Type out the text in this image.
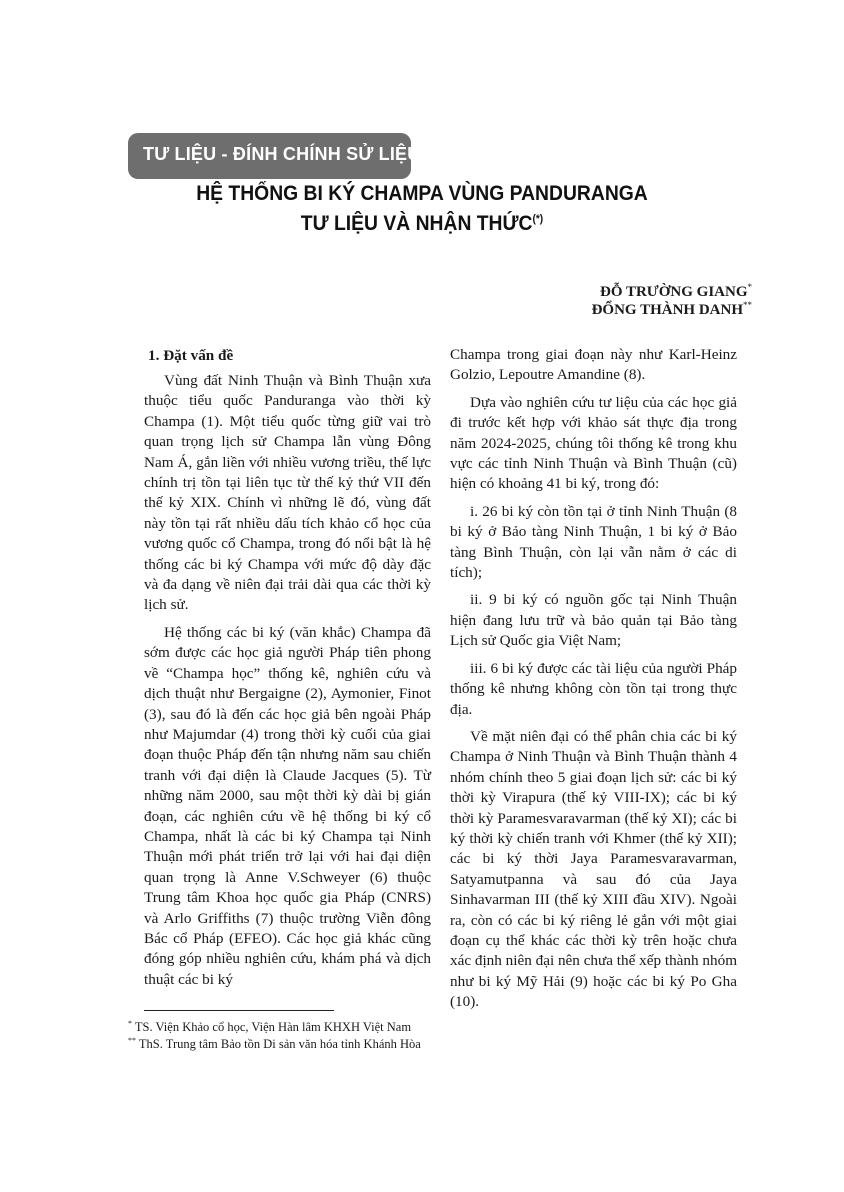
TƯ LIỆU - ĐÍNH CHÍNH SỬ LIỆU
HỆ THỐNG BI KÝ CHAMPA VÙNG PANDURANGA
TƯ LIỆU VÀ NHẬN THỨC(*)
ĐỖ TRƯỜNG GIANG*
ĐỔNG THÀNH DANH**
1. Đặt vấn đề

Vùng đất Ninh Thuận và Bình Thuận xưa thuộc tiểu quốc Panduranga vào thời kỳ Champa (1). Một tiểu quốc từng giữ vai trò quan trọng lịch sử Champa lẫn vùng Đông Nam Á, gắn liền với nhiều vương triều, thế lực chính trị tồn tại liên tục từ thế kỷ thứ VII đến thế kỷ XIX. Chính vì những lẽ đó, vùng đất này tồn tại rất nhiều dấu tích khảo cổ học của vương quốc cổ Champa, trong đó nổi bật là hệ thống các bi ký Champa với mức độ dày đặc và đa dạng về niên đại trải dài qua các thời kỳ lịch sử.

Hệ thống các bi ký (văn khắc) Champa đã sớm được các học giả người Pháp tiên phong về “Champa học” thống kê, nghiên cứu và dịch thuật như Bergaigne (2), Aymonier, Finot (3), sau đó là đến các học giả bên ngoài Pháp như Majumdar (4) trong thời kỳ cuối của giai đoạn thuộc Pháp đến tận nhưng năm sau chiến tranh với đại diện là Claude Jacques (5). Từ những năm 2000, sau một thời kỳ dài bị gián đoạn, các nghiên cứu về hệ thống bi ký cổ Champa, nhất là các bi ký Champa tại Ninh Thuận mới phát triển trở lại với hai đại diện quan trọng là Anne V.Schweyer (6) thuộc Trung tâm Khoa học quốc gia Pháp (CNRS) và Arlo Griffiths (7) thuộc trường Viễn đông Bác cổ Pháp (EFEO). Các học giả khác cũng đóng góp nhiều nghiên cứu, khám phá và dịch thuật các bi ký

Champa trong giai đoạn này như Karl-Heinz Golzio, Lepoutre Amandine (8).

Dựa vào nghiên cứu tư liệu của các học giả đi trước kết hợp với khảo sát thực địa trong năm 2024-2025, chúng tôi thống kê trong khu vực các tỉnh Ninh Thuận và Bình Thuận (cũ) hiện có khoảng 41 bi ký, trong đó:

i. 26 bi ký còn tồn tại ở tỉnh Ninh Thuận (8 bi ký ở Bảo tàng Ninh Thuận, 1 bi ký ở Bảo tàng Bình Thuận, còn lại vẫn nằm ở các di tích);

ii. 9 bi ký có nguồn gốc tại Ninh Thuận hiện đang lưu trữ và bảo quản tại Bảo tàng Lịch sử Quốc gia Việt Nam;

iii. 6 bi ký được các tài liệu của người Pháp thống kê nhưng không còn tồn tại trong thực địa.

Về mặt niên đại có thể phân chia các bi ký Champa ở Ninh Thuận và Bình Thuận thành 4 nhóm chính theo 5 giai đoạn lịch sử: các bi ký thời kỳ Virapura (thế kỷ VIII-IX); các bi ký thời kỳ Paramesvaravarman (thế kỷ XI); các bi ký thời kỳ chiến tranh với Khmer (thế kỷ XII); các bi ký thời Jaya Paramesvaravarman, Satyamutpanna và sau đó của Jaya Sinhavarman III (thế kỷ XIII đầu XIV). Ngoài ra, còn có các bi ký riêng lẻ gắn với một giai đoạn cụ thể khác các thời kỳ trên hoặc chưa xác định niên đại nên chưa thể xếp thành nhóm như bi ký Mỹ Hải (9) hoặc các bi ký Po Gha (10).

* TS. Viện Khảo cổ học, Viện Hàn lâm KHXH Việt Nam
** ThS. Trung tâm Bảo tồn Di sản văn hóa tỉnh Khánh Hòa
